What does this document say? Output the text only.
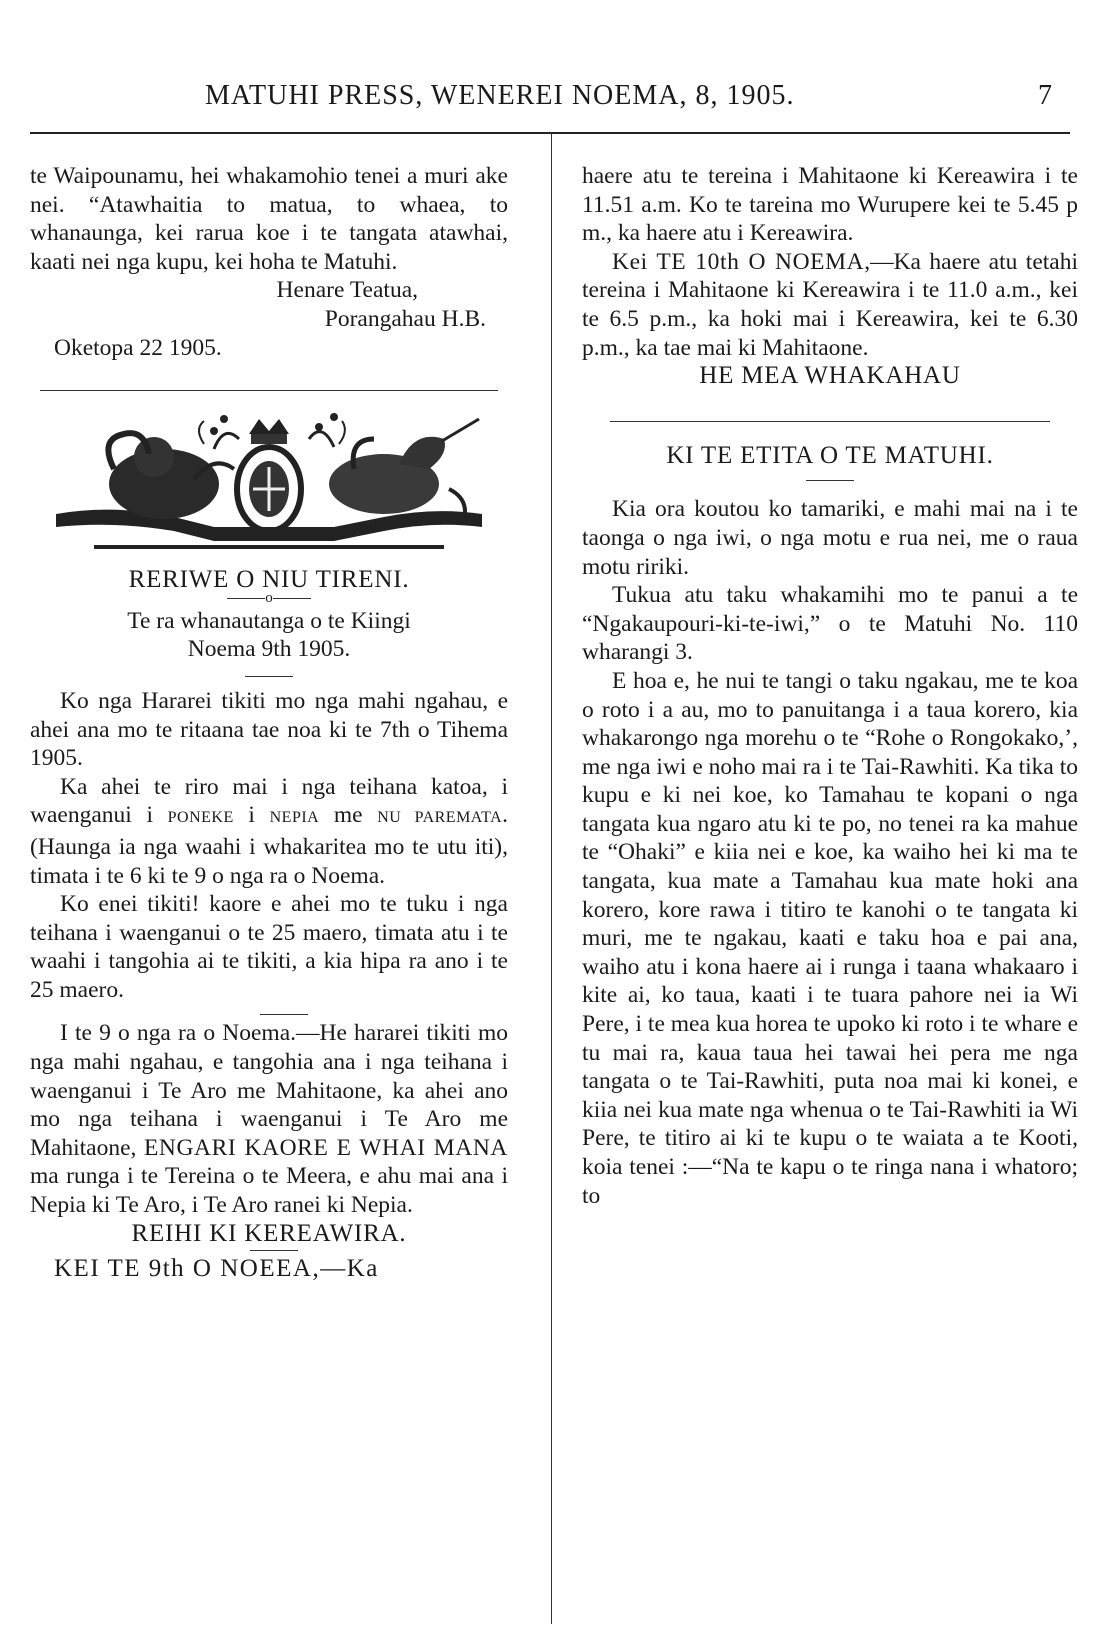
MATUHI PRESS, WENEREI NOEMA, 8, 1905.	7

te Waipounamu, hei whakamohio tenei a muri ake nei. “Atawhaitia to matua, to whaea, to whanaunga, kei rarua koe i te tangata atawhai, kaati nei nga kupu, kei hoha te Matuhi.

Henare Teatua,

Porangahau H.B.

Oketopa 22 1905.

RERIWE O NIU TIRENI.

o

Te ra whanautanga o te Kiingi

Noema 9th 1905.

Ko nga Hararei tikiti mo nga mahi ngahau, e ahei ana mo te ritaana tae noa ki te 7th o Tihema 1905.

Ka ahei te riro mai i nga teihana katoa, i waenganui i PONEKE i NEPIA me NU PAREMATA. (Haunga ia nga waahi i whakaritea mo te utu iti), timata i te 6 ki te 9 o nga ra o Noema.

Ko enei tikiti! kaore e ahei mo te tuku i nga teihana i waenganui o te 25 maero, timata atu i te waahi i tangohia ai te tikiti, a kia hipa ra ano i te 25 maero.

I te 9 o nga ra o Noema.—He hararei tikiti mo nga mahi ngahau, e tangohia ana i nga teihana i waenganui i Te Aro me Mahitaone, ka ahei ano mo nga teihana i waenganui i Te Aro me Mahitaone, ENGARI KAORE E WHAI MANA ma runga i te Tereina o te Meera, e ahu mai ana i Nepia ki Te Aro, i Te Aro ranei ki Nepia.

REIHI KI KEREAWIRA.

KEI TE 9th O NOEEA,—Ka

haere atu te tereina i Mahitaone ki Kereawira i te 11.51 a.m. Ko te tareina mo Wurupere kei te 5.45 p m., ka haere atu i Kereawira.

Kei TE 10th O NOEMA,—Ka haere atu tetahi tereina i Mahitaone ki Kereawira i te 11.0 a.m., kei te 6.5 p.m., ka hoki mai i Kereawira, kei te 6.30 p.m., ka tae mai ki Mahitaone.

HE MEA WHAKAHAU

KI TE ETITA O TE MATUHI.

Kia ora koutou ko tamariki, e mahi mai na i te taonga o nga iwi, o nga motu e rua nei, me o raua motu ririki.

Tukua atu taku whakamihi mo te panui a te “Ngakaupouri-ki-te-iwi,” o te Matuhi No. 110 wharangi 3.

E hoa e, he nui te tangi o taku ngakau, me te koa o roto i a au, mo to panuitanga i a taua korero, kia whakarongo nga morehu o te “Rohe o Rongokako,’, me nga iwi e noho mai ra i te Tai-Rawhiti. Ka tika to kupu e ki nei koe, ko Tamahau te kopani o nga tangata kua ngaro atu ki te po, no tenei ra ka mahue te “Ohaki” e kiia nei e koe, ka waiho hei ki ma te tangata, kua mate a Tamahau kua mate hoki ana korero, kore rawa i titiro te kanohi o te tangata ki muri, me te ngakau, kaati e taku hoa e pai ana, waiho atu i kona haere ai i runga i taana whakaaro i kite ai, ko taua, kaati i te tuara pahore nei ia Wi Pere, i te mea kua horea te upoko ki roto i te whare e tu mai ra, kaua taua hei tawai hei pera me nga tangata o te Tai-Rawhiti, puta noa mai ki konei, e kiia nei kua mate nga whenua o te Tai-Rawhiti ia Wi Pere, te titiro ai ki te kupu o te waiata a te Kooti, koia tenei :—“Na te kapu o te ringa nana i whatoro; to
